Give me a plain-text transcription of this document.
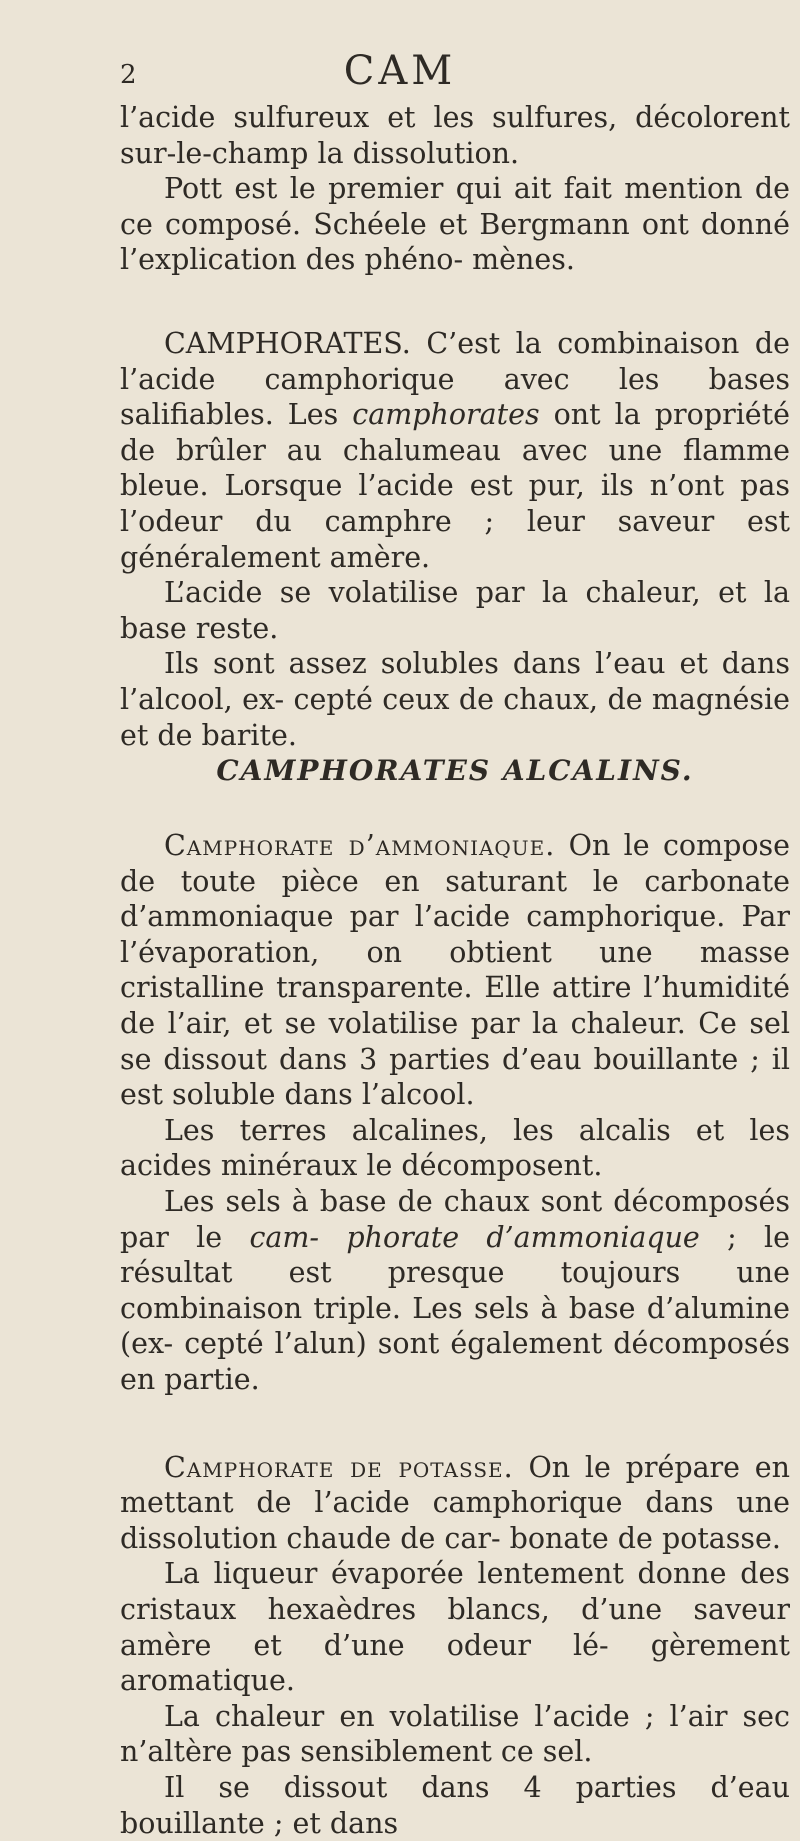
2	CAM

l’acide sulfureux et les sulfures, décolorent sur-le-champ la dissolution.

Pott est le premier qui ait fait mention de ce composé. Schéele et Bergmann ont donné l’explication des phéno- mènes.

CAMPHORATES. C’est la combinaison de l’acide camphorique avec les bases salifiables. Les camphorates ont la propriété de brûler au chalumeau avec une flamme bleue. Lorsque l’acide est pur, ils n’ont pas l’odeur du camphre ; leur saveur est généralement amère.

L’acide se volatilise par la chaleur, et la base reste.

Ils sont assez solubles dans l’eau et dans l’alcool, ex- cepté ceux de chaux, de magnésie et de barite.

CAMPHORATES ALCALINS.

Camphorate d’ammoniaque. On le compose de toute pièce en saturant le carbonate d’ammoniaque par l’acide camphorique. Par l’évaporation, on obtient une masse cristalline transparente. Elle attire l’humidité de l’air, et se volatilise par la chaleur. Ce sel se dissout dans 3 parties d’eau bouillante ; il est soluble dans l’alcool.

Les terres alcalines, les alcalis et les acides minéraux le décomposent.

Les sels à base de chaux sont décomposés par le cam- phorate d’ammoniaque ; le résultat est presque toujours une combinaison triple. Les sels à base d’alumine (ex- cepté l’alun) sont également décomposés en partie.

Camphorate de potasse. On le prépare en mettant de l’acide camphorique dans une dissolution chaude de car- bonate de potasse.

La liqueur évaporée lentement donne des cristaux hexaèdres blancs, d’une saveur amère et d’une odeur lé- gèrement aromatique.

La chaleur en volatilise l’acide ; l’air sec n’altère pas sensiblement ce sel.

Il se dissout dans 4 parties d’eau bouillante ; et dans
